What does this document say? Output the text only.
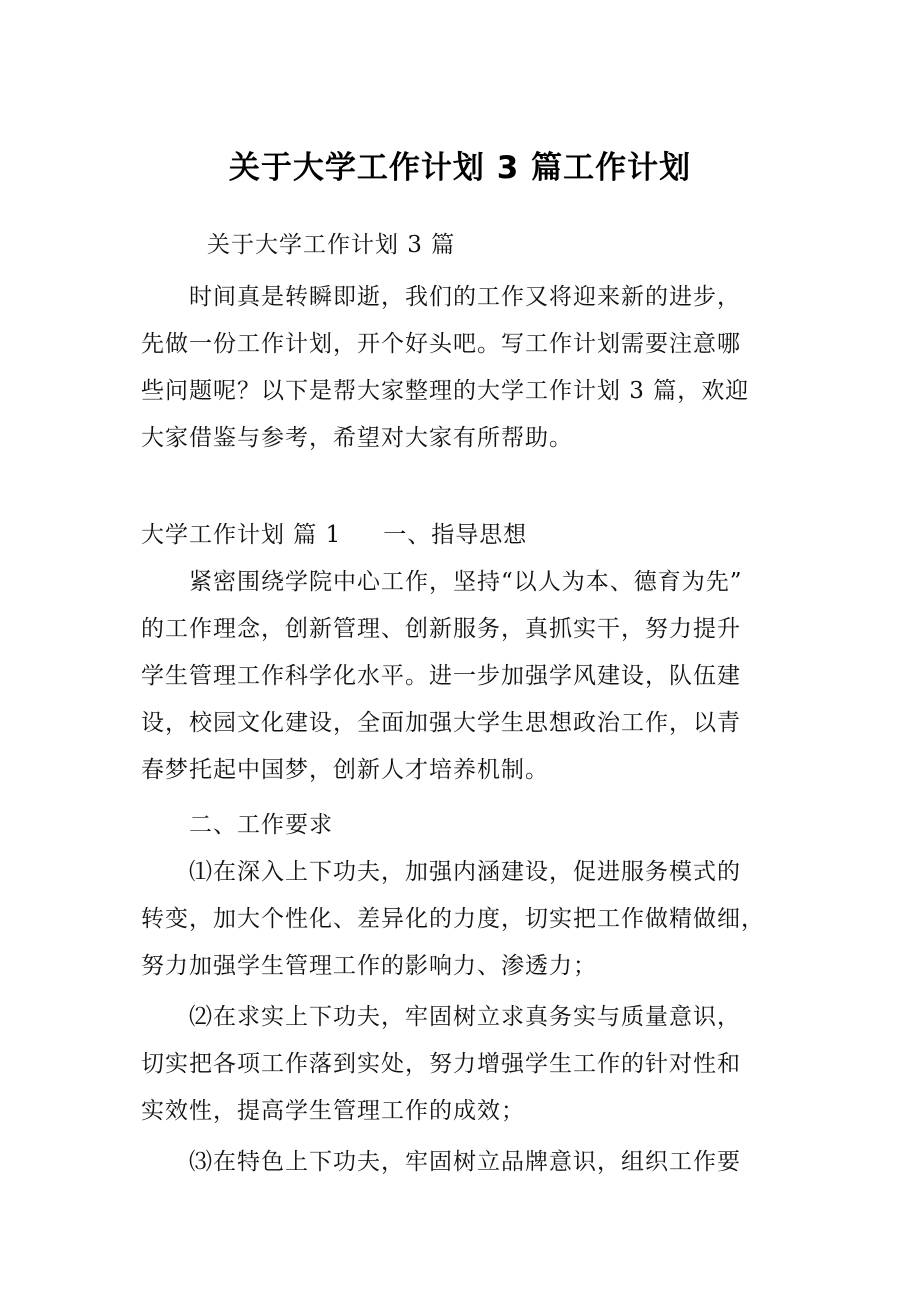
关于大学工作计划 3 篇工作计划
关于大学工作计划 3 篇
时间真是转瞬即逝，我们的工作又将迎来新的进步，
先做一份工作计划，开个好头吧。写工作计划需要注意哪
些问题呢？以下是帮大家整理的大学工作计划 3 篇，欢迎
大家借鉴与参考，希望对大家有所帮助。
大学工作计划 篇 1 一、指导思想
紧密围绕学院中心工作，坚持“以人为本、德育为先”
的工作理念，创新管理、创新服务，真抓实干，努力提升
学生管理工作科学化水平。进一步加强学风建设，队伍建
设，校园文化建设，全面加强大学生思想政治工作，以青
春梦托起中国梦，创新人才培养机制。
二、工作要求
⑴在深入上下功夫，加强内涵建设，促进服务模式的
转变，加大个性化、差异化的力度，切实把工作做精做细，
努力加强学生管理工作的影响力、渗透力；
⑵在求实上下功夫，牢固树立求真务实与质量意识，
切实把各项工作落到实处，努力增强学生工作的针对性和
实效性，提高学生管理工作的成效；
⑶在特色上下功夫，牢固树立品牌意识，组织工作要
